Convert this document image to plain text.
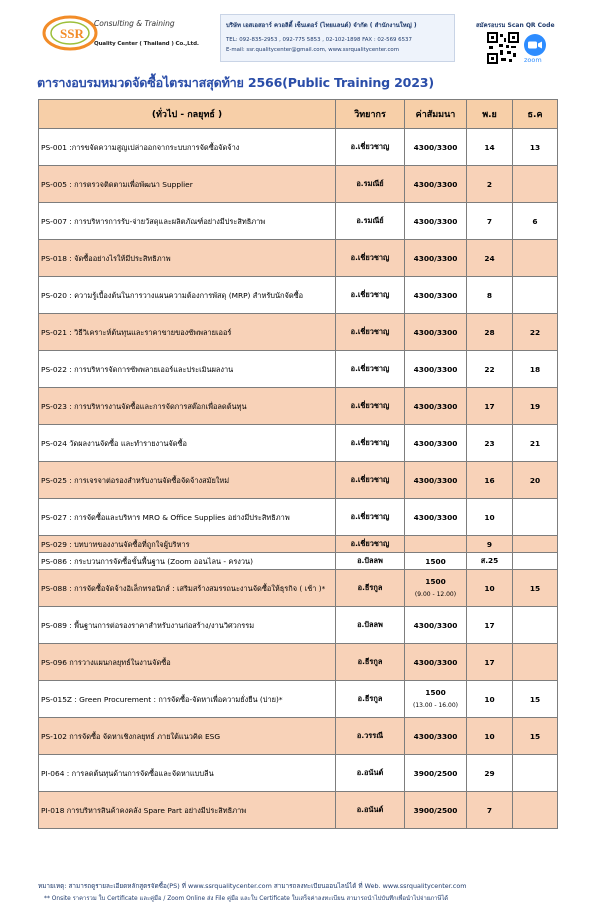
SSR
Consulting & Training
Quality Center ( Thailand ) Co.,Ltd.
บริษัท เอสเอสอาร์ ควอลิตี้ เซ็นเตอร์ (ไทยแลนด์) จำกัด ( สำนักงานใหญ่ )
TEL: 092-835-2953 , 092-775 5853 , 02-102-1898 FAX : 02-569 6537
E-mail: ssr.qualitycenter@gmail.com, www.ssrqualitycenter.com
สมัครอบรม Scan QR Code
zoom
ตารางอบรมหมวดจัดซื้อไตรมาสสุดท้าย 2566(Public Training 2023)
(ทั่วไป - กลยุทธ์ )	วิทยากร	ค่าสัมมนา	พ.ย	ธ.ค
PS-001 :การขจัดความสูญเปล่าออกจากระบบการจัดซื้อจัดจ้าง	อ.เชี่ยวชาญ	4300/3300	14	13
PS-005 : การตรวจติดตามเพื่อพัฒนา Supplier	อ.รมณีย์	4300/3300	2	
PS-007 : การบริหารการรับ-จ่ายวัสดุและผลิตภัณฑ์อย่างมีประสิทธิภาพ	อ.รมณีย์	4300/3300	7	6
PS-018 : จัดซื้ออย่างไรให้มีประสิทธิภาพ	อ.เชี่ยวชาญ	4300/3300	24	
PS-020 : ความรู้เบื้องต้นในการวางแผนความต้องการพัสดุ (MRP) สำหรับนักจัดซื้อ	อ.เชี่ยวชาญ	4300/3300	8	
PS-021 : วิธีวิเคราะห์ต้นทุนและราคาขายของซัพพลายเออร์	อ.เชี่ยวชาญ	4300/3300	28	22
PS-022 : การบริหารจัดการซัพพลายเออร์และประเมินผลงาน	อ.เชี่ยวชาญ	4300/3300	22	18
PS-023 : การบริหารงานจัดซื้อและการจัดการสต๊อกเพื่อลดต้นทุน	อ.เชี่ยวชาญ	4300/3300	17	19
PS-024 วัดผลงานจัดซื้อ และทำรายงานจัดซื้อ	อ.เชี่ยวชาญ	4300/3300	23	21
PS-025 : การเจรจาต่อรองสำหรับงานจัดซื้อจัดจ้างสมัยใหม่	อ.เชี่ยวชาญ	4300/3300	16	20
PS-027 : การจัดซื้อและบริหาร MRO & Office Supplies อย่างมีประสิทธิภาพ	อ.เชี่ยวชาญ	4300/3300	10	
PS-029 : บทบาทของงานจัดซื้อที่ถูกใจผู้บริหาร	อ.เชี่ยวชาญ		9	
PS-086 : กระบวนการจัดซื้อขั้นพื้นฐาน (Zoom ออนไลน - ครงวน)	อ.ปัลลพ	1500	ส.25	
PS-088 : การจัดซื้อจัดจ้างอิเล็กทรอนิกส์ : เสริมสร้างสมรรถนะงานจัดซื้อให้ธุรกิจ ( เช้า )*	อ.ธีรกูล	1500
(9.00 - 12.00)	10	15
PS-089 : พื้นฐานการต่อรองราคาสำหรับงานก่อสร้าง/งานวิศวกรรม	อ.ปัลลพ	4300/3300	17	
PS-096 การวางแผนกลยุทธ์ในงานจัดซื้อ	อ.ธีรกูล	4300/3300	17	
PS-015Z : Green Procurement : การจัดซื้อ-จัดหาเพื่อความยั่งยืน (บ่าย)*	อ.ธีรกูล	1500
(13.00 - 16.00)	10	15
PS-102 การจัดซื้อ จัดหาเชิงกลยุทธ์ ภายใต้แนวคิด ESG	อ.วรรณี	4300/3300	10	15
PI-064 : การลดต้นทุนด้านการจัดซื้อและจัดหาแบบลีน	อ.อนันต์	3900/2500	29	
PI-018 การบริหารสินค้าคงคลัง Spare Part อย่างมีประสิทธิภาพ	อ.อนันต์	3900/2500	7	
หมายเหตุ: สามารถดูรายละเอียดหลักสูตรจัดซื้อ(PS) ที่ www.ssrqualitycenter.com สามารถลงทะเบียนออนไลน์ได้ ที่ Web. www.ssrqualitycenter.com
** Onsite ราคารวม ใบ Certificate และคู่มือ / Zoom Online ส่ง File คู่มือ และใบ Certificate ใบเสร็จค่าลงทะเบียน สามารถนำไปบันทึกเพื่อนำไปจ่ายภาษีได้
